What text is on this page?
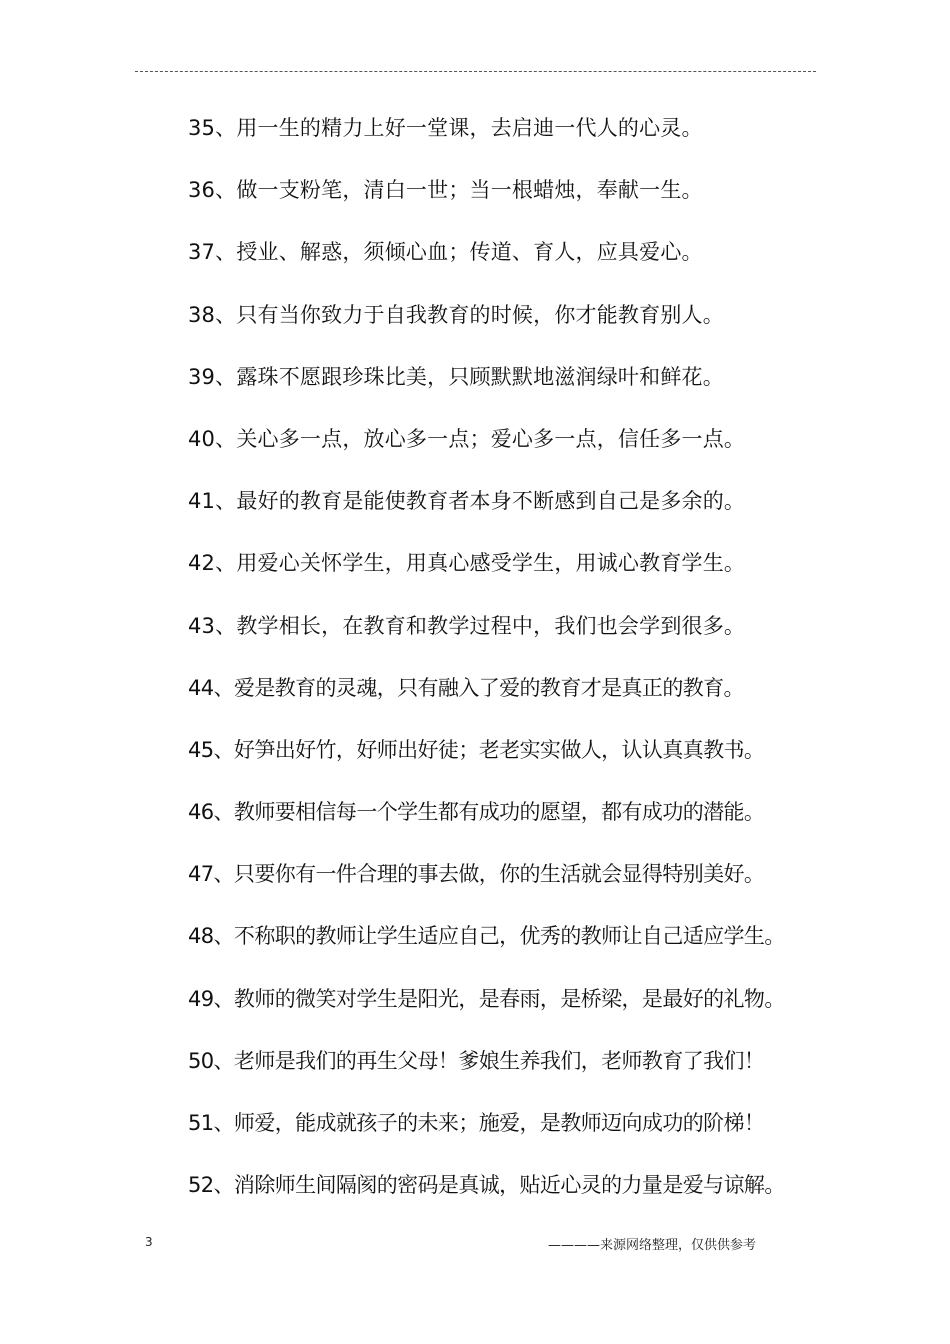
35、用一生的精力上好一堂课，去启迪一代人的心灵。
36、做一支粉笔，清白一世；当一根蜡烛，奉献一生。
37、授业、解惑，须倾心血；传道、育人，应具爱心。
38、只有当你致力于自我教育的时候，你才能教育别人。
39、露珠不愿跟珍珠比美，只顾默默地滋润绿叶和鲜花。
40、关心多一点，放心多一点；爱心多一点，信任多一点。
41、最好的教育是能使教育者本身不断感到自己是多余的。
42、用爱心关怀学生，用真心感受学生，用诚心教育学生。
43、教学相长，在教育和教学过程中，我们也会学到很多。
44、爱是教育的灵魂，只有融入了爱的教育才是真正的教育。
45、好笋出好竹，好师出好徒；老老实实做人，认认真真教书。
46、教师要相信每一个学生都有成功的愿望，都有成功的潜能。
47、只要你有一件合理的事去做，你的生活就会显得特别美好。
48、不称职的教师让学生适应自己，优秀的教师让自己适应学生。
49、教师的微笑对学生是阳光，是春雨，是桥梁，是最好的礼物。
50、老师是我们的再生父母！爹娘生养我们，老师教育了我们！
51、师爱，能成就孩子的未来；施爱，是教师迈向成功的阶梯！
52、消除师生间隔阂的密码是真诚，贴近心灵的力量是爱与谅解。
3	————来源网络整理，仅供供参考
